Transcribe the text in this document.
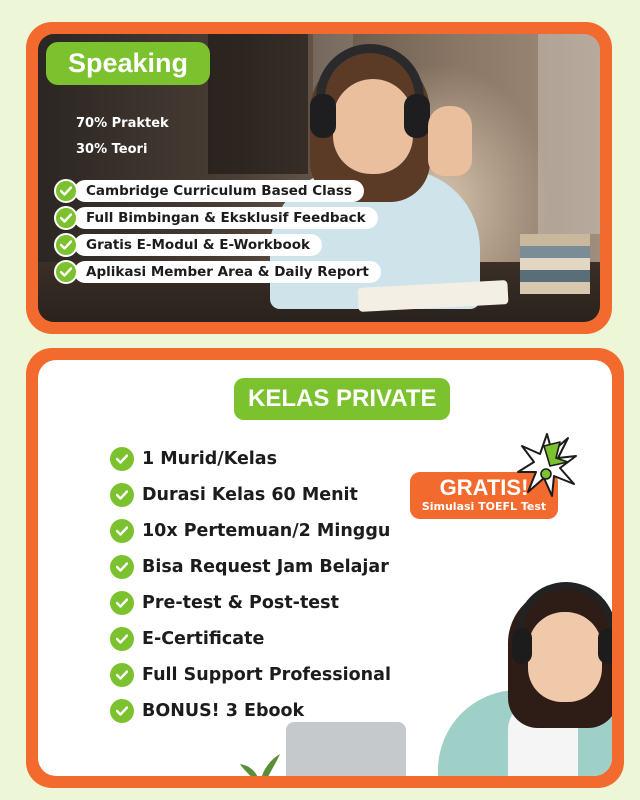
Speaking
70% Praktek
30% Teori
Cambridge Curriculum Based Class
Full Bimbingan & Eksklusif Feedback
Gratis E-Modul & E-Workbook
Aplikasi Member Area & Daily Report
KELAS PRIVATE
1 Murid/Kelas
Durasi Kelas 60 Menit
10x Pertemuan/2 Minggu
Bisa Request Jam Belajar
Pre-test & Post-test
E-Certificate
Full Support Professional
BONUS! 3 Ebook
GRATIS!
Simulasi TOEFL Test
